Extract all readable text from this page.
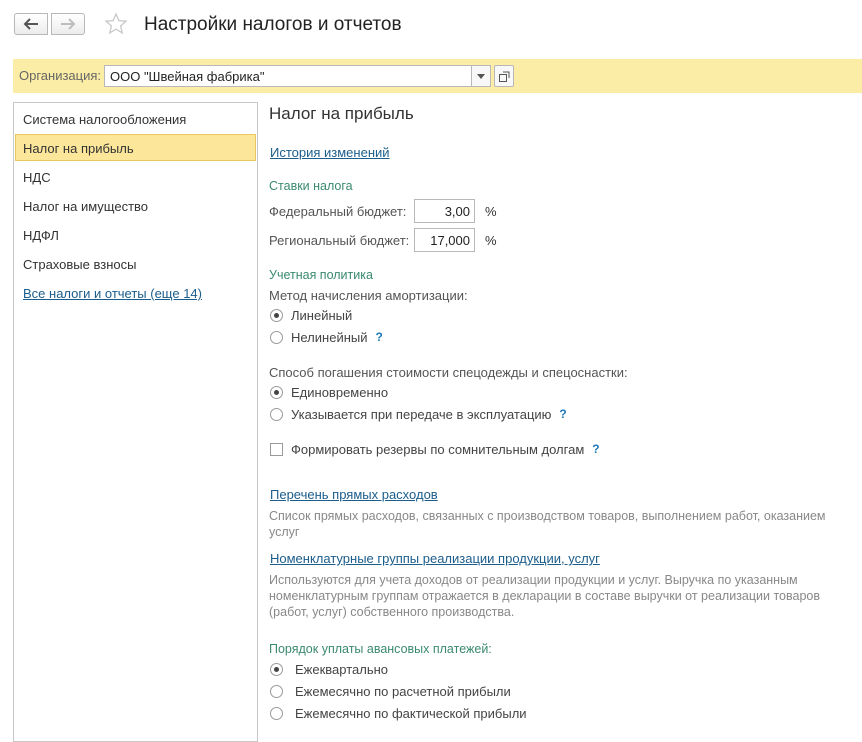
Настройки налогов и отчетов
Организация: ООО "Швейная фабрика"
Система налогообложения
Налог на прибыль
НДС
Налог на имущество
НДФЛ
Страховые взносы
Все налоги и отчеты (еще 14)
Налог на прибыль
История изменений
Ставки налога
Федеральный бюджет:	3,00	%
Региональный бюджет:	17,000	%
Учетная политика
Метод начисления амортизации:
Линейный
Нелинейный ?
Способ погашения стоимости спецодежды и спецоснастки:
Единовременно
Указывается при передаче в эксплуатацию ?
Формировать резервы по сомнительным долгам ?
Перечень прямых расходов
Список прямых расходов, связанных с производством товаров, выполнением работ, оказанием услуг
Номенклатурные группы реализации продукции, услуг
Используются для учета доходов от реализации продукции и услуг. Выручка по указанным номенклатурным группам отражается в декларации в составе выручки от реализации товаров (работ, услуг) собственного производства.
Порядок уплаты авансовых платежей:
Ежеквартально
Ежемесячно по расчетной прибыли
Ежемесячно по фактической прибыли
